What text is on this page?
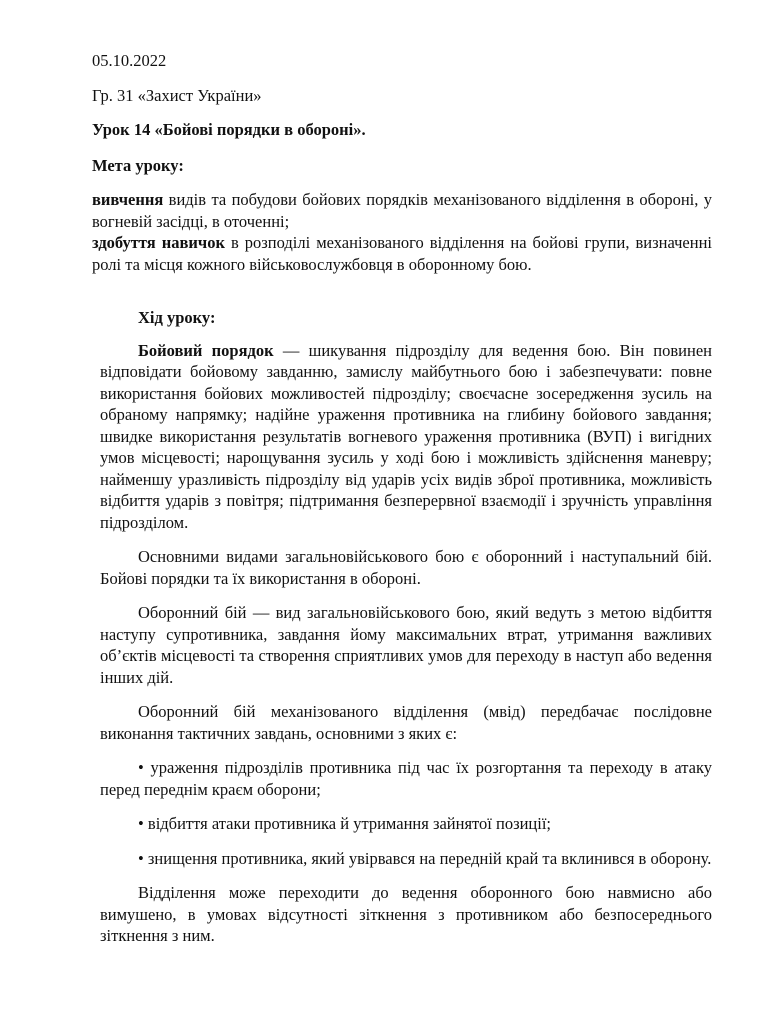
05.10.2022

Гр. 31 «Захист України»

Урок 14 «Бойові порядки в обороні».

Мета уроку:

вивчення видів та побудови бойових порядків механізованого відділення в обороні, у вогневій засідці, в оточенні;

здобуття навичок в розподілі механізованого відділення на бойові групи, визначенні ролі та місця кожного військовослужбовця в оборонному бою.

Хід уроку:

Бойовий порядок — шикування підрозділу для ведення бою. Він повинен відповідати бойовому завданню, замислу майбутнього бою і забезпечувати: повне використання бойових можливостей підрозділу; своєчасне зосередження зусиль на обраному напрямку; надійне ураження противника на глибину бойового завдання; швидке використання результатів вогневого ураження противника (ВУП) і вигідних умов місцевості; нарощування зусиль у ході бою і можливість здійснення маневру; найменшу уразливість підрозділу від ударів усіх видів зброї противника, можливість відбиття ударів з повітря; підтримання безперервної взаємодії і зручність управління підрозділом.

Основними видами загальновійськового бою є оборонний і наступальний бій. Бойові порядки та їх використання в обороні.

Оборонний бій — вид загальновійськового бою, який ведуть з метою відбиття наступу супротивника, завдання йому максимальних втрат, утримання важливих об’єктів місцевості та створення сприятливих умов для переходу в наступ або ведення інших дій.

Оборонний бій механізованого відділення (мвід) передбачає послідовне виконання тактичних завдань, основними з яких є:

• ураження підрозділів противника під час їх розгортання та переходу в атаку перед переднім краєм оборони;

• відбиття атаки противника й утримання зайнятої позиції;

• знищення противника, який увірвався на передній край та вклинився в оборону.

Відділення може переходити до ведення оборонного бою навмисно або вимушено, в умовах відсутності зіткнення з противником або безпосереднього зіткнення з ним.
